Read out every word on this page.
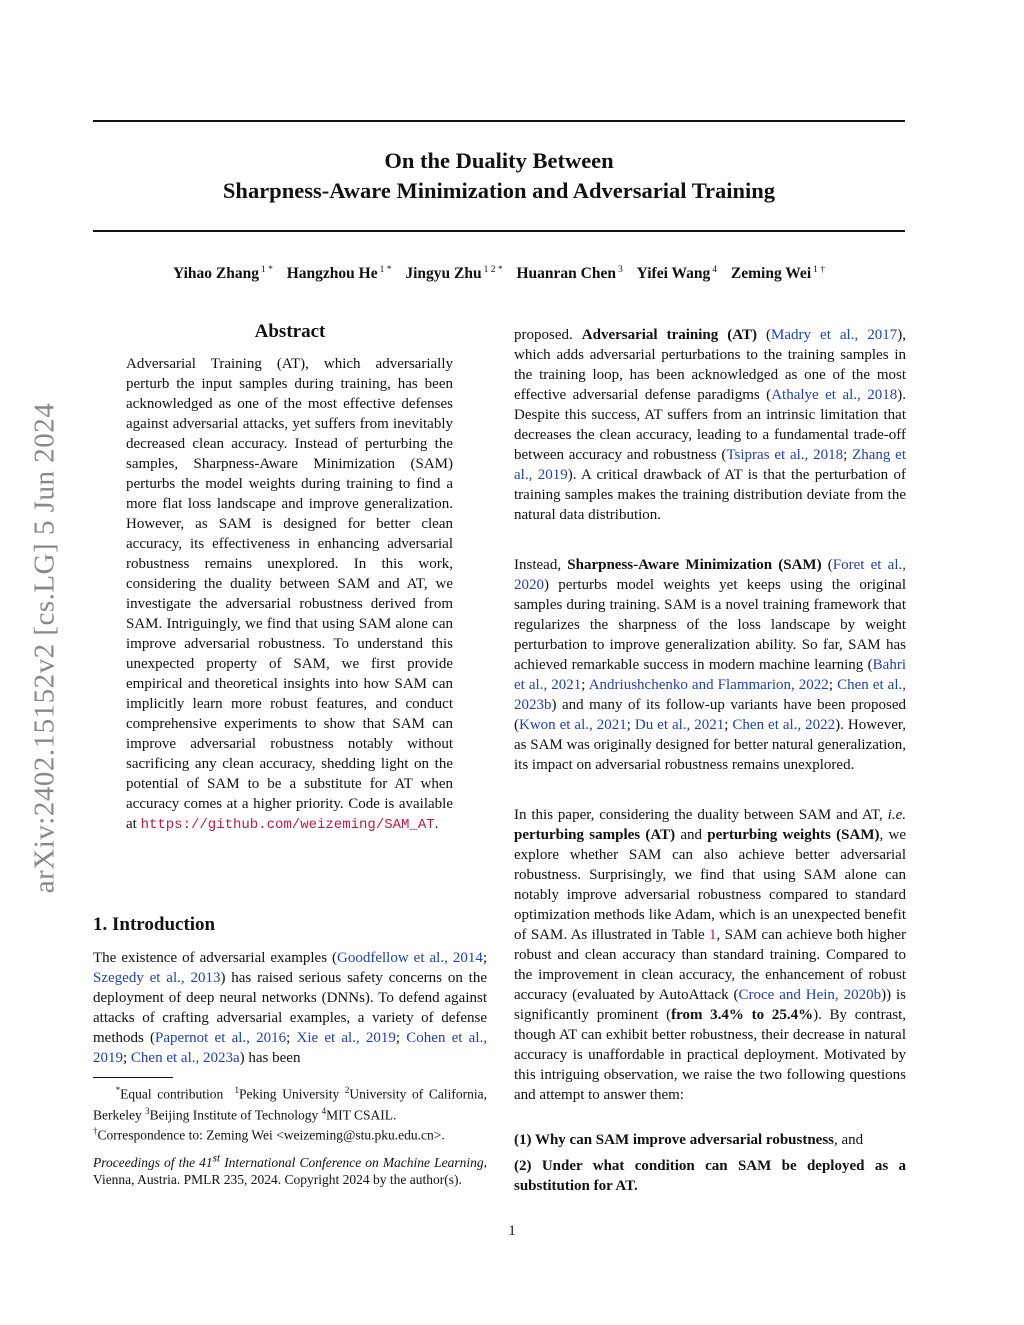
On the Duality Between
Sharpness-Aware Minimization and Adversarial Training
Yihao Zhang $^{1 *}$ Hangzhou He $^{1 *}$ Jingyu Zhu $^{1 2 *}$ Huanran Chen $^3$ Yifei Wang $^4$ Zeming Wei $^{1 \dagger}$
arXiv:2402.15152v2 [cs.LG] 5 Jun 2024
Abstract

Adversarial Training (AT), which adversarially perturb the input samples during training, has been acknowledged as one of the most effective defenses against adversarial attacks, yet suffers from inevitably decreased clean accuracy. Instead of perturbing the samples, Sharpness-Aware Minimization (SAM) perturbs the model weights during training to find a more flat loss landscape and improve generalization. However, as SAM is designed for better clean accuracy, its effectiveness in enhancing adversarial robustness remains unexplored. In this work, considering the duality between SAM and AT, we investigate the adversarial robustness derived from SAM. Intriguingly, we find that using SAM alone can improve adversarial robustness. To understand this unexpected property of SAM, we first provide empirical and theoretical insights into how SAM can implicitly learn more robust features, and conduct comprehensive experiments to show that SAM can improve adversarial robustness notably without sacrificing any clean accuracy, shedding light on the potential of SAM to be a substitute for AT when accuracy comes at a higher priority. Code is available at https://github.com/weizeming/SAM_AT.

1. Introduction

The existence of adversarial examples (Goodfellow et al., 2014; Szegedy et al., 2013) has raised serious safety concerns on the deployment of deep neural networks (DNNs). To defend against attacks of crafting adversarial examples, a variety of defense methods (Papernot et al., 2016; Xie et al., 2019; Cohen et al., 2019; Chen et al., 2023a) has been

*Equal contribution  $^1$Peking University $^2$University of California, Berkeley $^3$Beijing Institute of Technology $^4$MIT CSAIL.
†Correspondence to: Zeming Wei <weizeming@stu.pku.edu.cn>.

Proceedings of the 41st International Conference on Machine Learning, Vienna, Austria. PMLR 235, 2024. Copyright 2024 by the author(s).

proposed. Adversarial training (AT) (Madry et al., 2017), which adds adversarial perturbations to the training samples in the training loop, has been acknowledged as one of the most effective adversarial defense paradigms (Athalye et al., 2018). Despite this success, AT suffers from an intrinsic limitation that decreases the clean accuracy, leading to a fundamental trade-off between accuracy and robustness (Tsipras et al., 2018; Zhang et al., 2019). A critical drawback of AT is that the perturbation of training samples makes the training distribution deviate from the natural data distribution.

Instead, Sharpness-Aware Minimization (SAM) (Foret et al., 2020) perturbs model weights yet keeps using the original samples during training. SAM is a novel training framework that regularizes the sharpness of the loss landscape by weight perturbation to improve generalization ability. So far, SAM has achieved remarkable success in modern machine learning (Bahri et al., 2021; Andriushchenko and Flammarion, 2022; Chen et al., 2023b) and many of its follow-up variants have been proposed (Kwon et al., 2021; Du et al., 2021; Chen et al., 2022). However, as SAM was originally designed for better natural generalization, its impact on adversarial robustness remains unexplored.

In this paper, considering the duality between SAM and AT, i.e. perturbing samples (AT) and perturbing weights (SAM), we explore whether SAM can also achieve better adversarial robustness. Surprisingly, we find that using SAM alone can notably improve adversarial robustness compared to standard optimization methods like Adam, which is an unexpected benefit of SAM. As illustrated in Table 1, SAM can achieve both higher robust and clean accuracy than standard training. Compared to the improvement in clean accuracy, the enhancement of robust accuracy (evaluated by AutoAttack (Croce and Hein, 2020b)) is significantly prominent (from 3.4% to 25.4%). By contrast, though AT can exhibit better robustness, their decrease in natural accuracy is unaffordable in practical deployment. Motivated by this intriguing observation, we raise the two following questions and attempt to answer them:

(1) Why can SAM improve adversarial robustness, and

(2) Under what condition can SAM be deployed as a substitution for AT.

1
